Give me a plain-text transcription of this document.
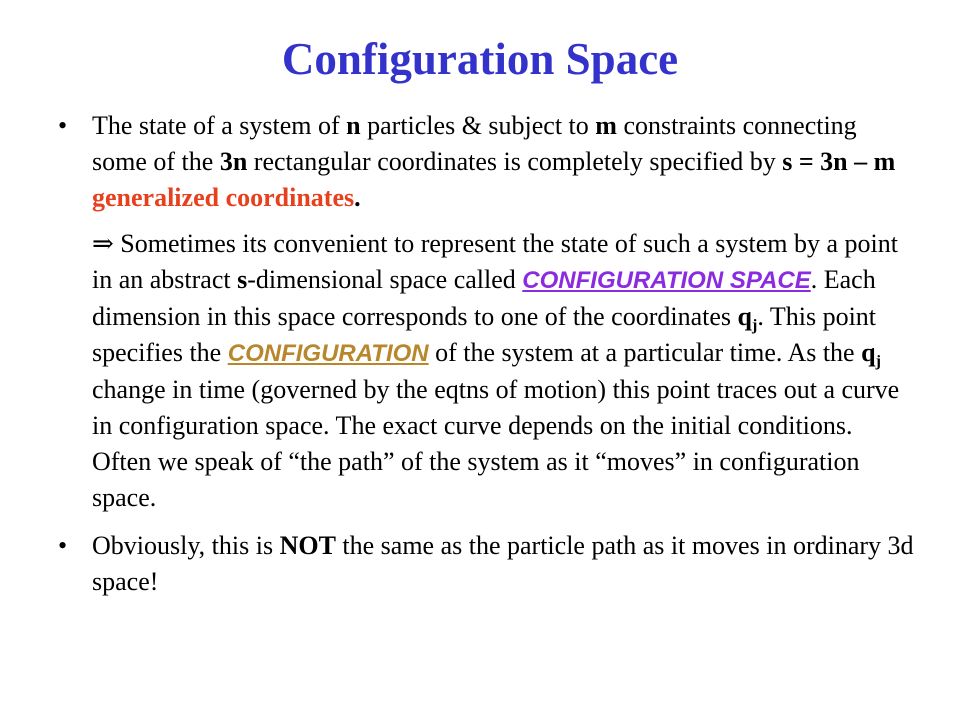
Configuration Space
• The state of a system of n particles & subject to m constraints connecting some of the 3n rectangular coordinates is completely specified by s = 3n – m generalized coordinates.

⇒ Sometimes its convenient to represent the state of such a system by a point in an abstract s-dimensional space called CONFIGURATION SPACE. Each dimension in this space corresponds to one of the coordinates $q_j$. This point specifies the CONFIGURATION of the system at a particular time. As the $q_j$ change in time (governed by the eqtns of motion) this point traces out a curve in configuration space. The exact curve depends on the initial conditions. Often we speak of “the path” of the system as it “moves” in configuration space.

• Obviously, this is NOT the same as the particle path as it moves in ordinary 3d space!
